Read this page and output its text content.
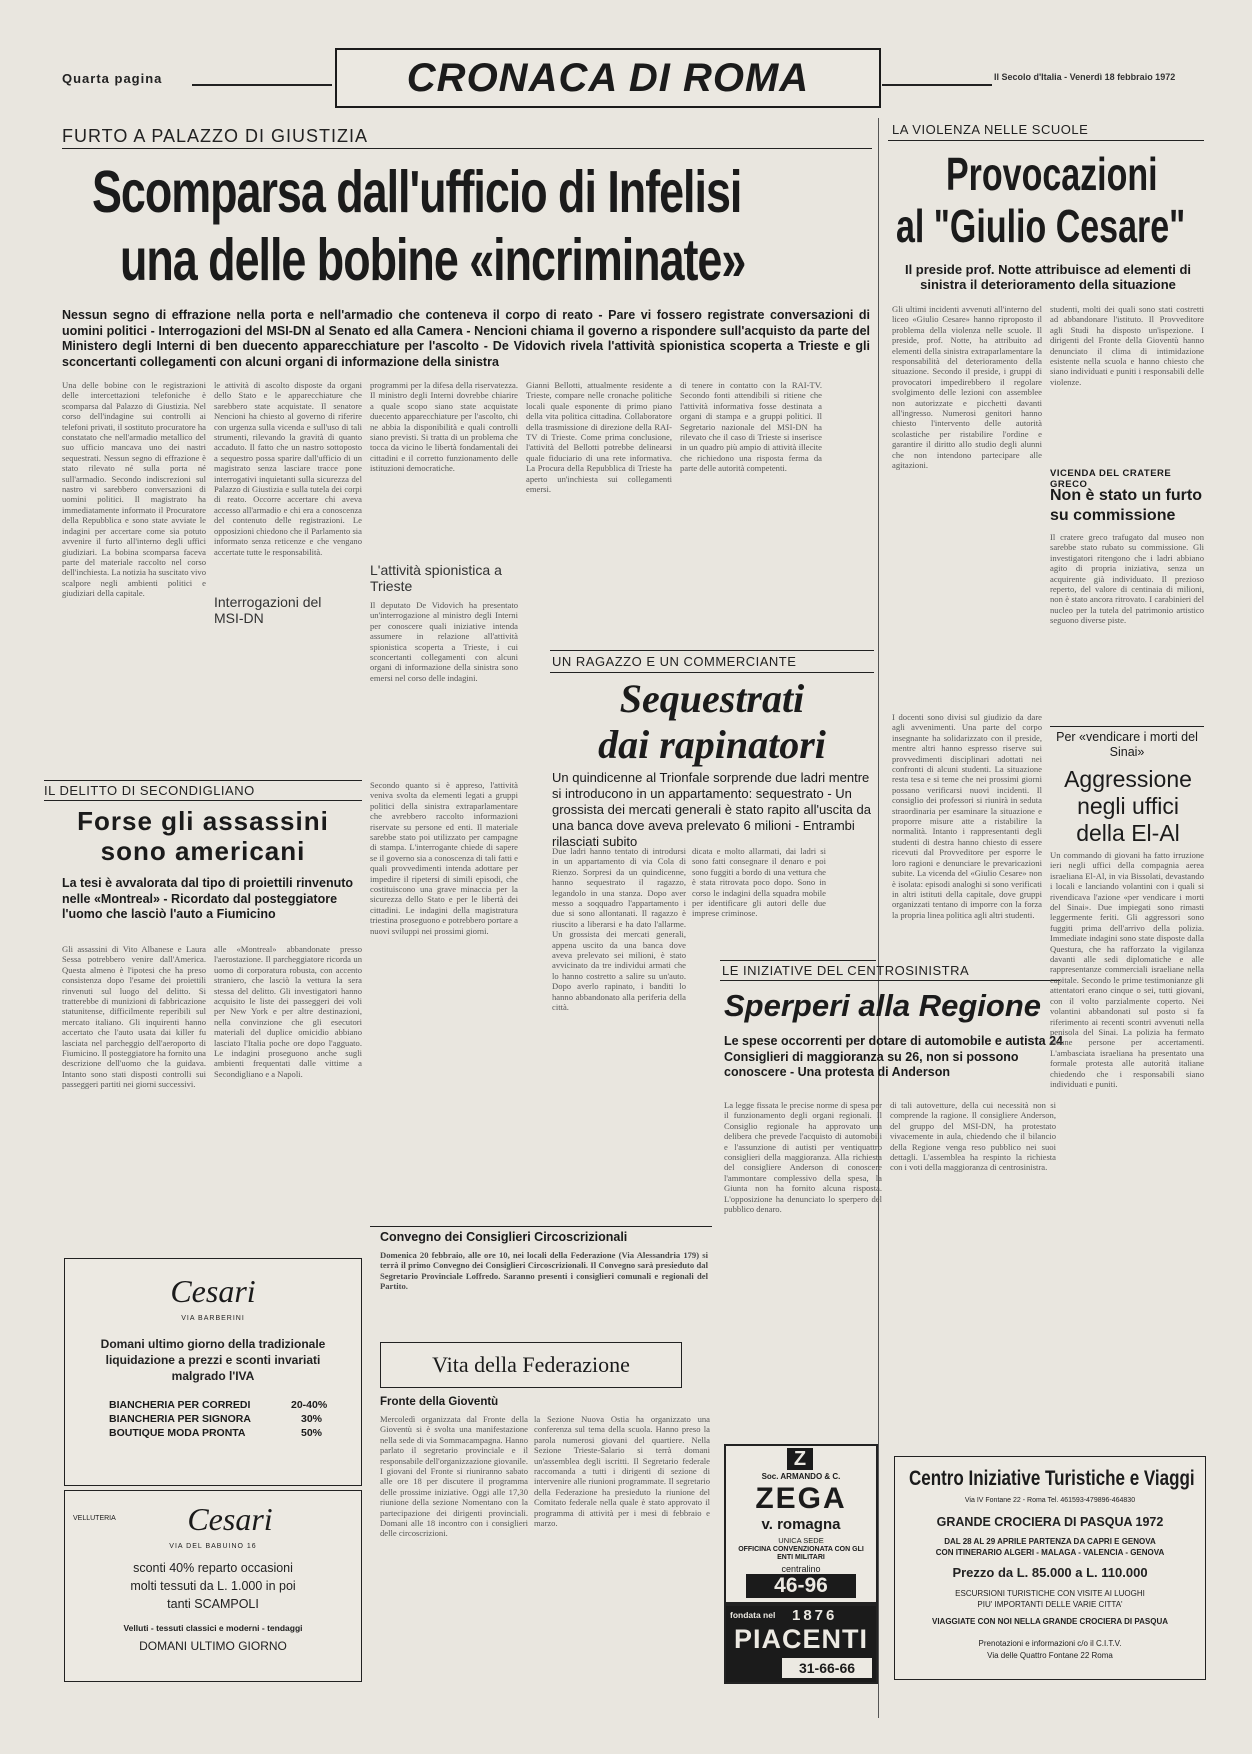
Quarta pagina	CRONACA DI ROMA	Il Secolo d'Italia - Venerdì 18 febbraio 1972
FURTO A PALAZZO DI GIUSTIZIA
Scomparsa dall'ufficio di Infelisi
una delle bobine «incriminate»
Nessun segno di effrazione nella porta e nell'armadio che conteneva il corpo di reato - Pare vi fossero registrate conversazioni di uomini politici - Interrogazioni del MSI-DN al Senato ed alla Camera - Nencioni chiama il governo a rispondere sull'acquisto da parte del Ministero degli Interni di ben duecento apparecchiature per l'ascolto - De Vidovich rivela l'attività spionistica scoperta a Trieste e gli sconcertanti collegamenti con alcuni organi di informazione della sinistra
Una delle bobine con le registrazioni delle intercettazioni telefoniche è scomparsa dal Palazzo di Giustizia. Nel corso dell'indagine sui controlli ai telefoni privati, il sostituto procuratore ha constatato che nell'armadio metallico del suo ufficio mancava uno dei nastri sequestrati. Nessun segno di effrazione è stato rilevato né sulla porta né sull'armadio. Secondo indiscrezioni sul nastro vi sarebbero conversazioni di uomini politici. Il magistrato ha immediatamente informato il Procuratore della Repubblica e sono state avviate le indagini per accertare come sia potuto avvenire il furto all'interno degli uffici giudiziari. La bobina scomparsa faceva parte del materiale raccolto nel corso dell'inchiesta. La notizia ha suscitato vivo scalpore negli ambienti politici e giudiziari della capitale.
le attività di ascolto disposte da organi dello Stato e le apparecchiature che sarebbero state acquistate. Il senatore Nencioni ha chiesto al governo di riferire con urgenza sulla vicenda e sull'uso di tali strumenti, rilevando la gravità di quanto accaduto. Il fatto che un nastro sottoposto a sequestro possa sparire dall'ufficio di un magistrato senza lasciare tracce pone interrogativi inquietanti sulla sicurezza del Palazzo di Giustizia e sulla tutela dei corpi di reato. Occorre accertare chi aveva accesso all'armadio e chi era a conoscenza del contenuto delle registrazioni. Le opposizioni chiedono che il Parlamento sia informato senza reticenze e che vengano accertate tutte le responsabilità.
programmi per la difesa della riservatezza. Il ministro degli Interni dovrebbe chiarire a quale scopo siano state acquistate duecento apparecchiature per l'ascolto, chi ne abbia la disponibilità e quali controlli siano previsti. Si tratta di un problema che tocca da vicino le libertà fondamentali dei cittadini e il corretto funzionamento delle istituzioni democratiche.
Interrogazioni del MSI-DN
L'attività spionistica a Trieste
Il deputato De Vidovich ha presentato un'interrogazione al ministro degli Interni per conoscere quali iniziative intenda assumere in relazione all'attività spionistica scoperta a Trieste, i cui sconcertanti collegamenti con alcuni organi di informazione della sinistra sono emersi nel corso delle indagini.
Secondo quanto si è appreso, l'attività veniva svolta da elementi legati a gruppi politici della sinistra extraparlamentare che avrebbero raccolto informazioni riservate su persone ed enti. Il materiale sarebbe stato poi utilizzato per campagne di stampa. L'interrogante chiede di sapere se il governo sia a conoscenza di tali fatti e quali provvedimenti intenda adottare per impedire il ripetersi di simili episodi, che costituiscono una grave minaccia per la sicurezza dello Stato e per le libertà dei cittadini. Le indagini della magistratura triestina proseguono e potrebbero portare a nuovi sviluppi nei prossimi giorni.
Gianni Bellotti, attualmente residente a Trieste, compare nelle cronache politiche locali quale esponente di primo piano della vita politica cittadina. Collaboratore della trasmissione di direzione della RAI-TV di Trieste. Come prima conclusione, l'attività del Bellotti potrebbe delinearsi quale fiduciario di una rete informativa. La Procura della Repubblica di Trieste ha aperto un'inchiesta sui collegamenti emersi.
di tenere in contatto con la RAI-TV. Secondo fonti attendibili si ritiene che l'attività informativa fosse destinata a organi di stampa e a gruppi politici. Il Segretario nazionale del MSI-DN ha rilevato che il caso di Trieste si inserisce in un quadro più ampio di attività illecite che richiedono una risposta ferma da parte delle autorità competenti.
IL DELITTO DI SECONDIGLIANO
Forse gli assassini sono americani
La tesi è avvalorata dal tipo di proiettili rinvenuto nelle «Montreal» - Ricordato dal posteggiatore l'uomo che lasciò l'auto a Fiumicino
Gli assassini di Vito Albanese e Laura Sessa potrebbero venire dall'America. Questa almeno è l'ipotesi che ha preso consistenza dopo l'esame dei proiettili rinvenuti sul luogo del delitto. Si tratterebbe di munizioni di fabbricazione statunitense, difficilmente reperibili sul mercato italiano. Gli inquirenti hanno accertato che l'auto usata dai killer fu lasciata nel parcheggio dell'aeroporto di Fiumicino. Il posteggiatore ha fornito una descrizione dell'uomo che la guidava. Intanto sono stati disposti controlli sui passeggeri partiti nei giorni successivi.
alle «Montreal» abbandonate presso l'aerostazione. Il parcheggiatore ricorda un uomo di corporatura robusta, con accento straniero, che lasciò la vettura la sera stessa del delitto. Gli investigatori hanno acquisito le liste dei passeggeri dei voli per New York e per altre destinazioni, nella convinzione che gli esecutori materiali del duplice omicidio abbiano lasciato l'Italia poche ore dopo l'agguato. Le indagini proseguono anche sugli ambienti frequentati dalle vittime a Secondigliano e a Napoli.
Cesari
VIA BARBERINI
Domani ultimo giorno della tradizionale
liquidazione a prezzi e sconti invariati
malgrado l'IVA
BIANCHERIA PER CORREDI	20-40%
BIANCHERIA PER SIGNORA	30%
BOUTIQUE MODA PRONTA	50%
VELLUTERIA	Cesari
VIA DEL BABUINO 16
sconti 40% reparto occasioni
molti tessuti da L. 1.000 in poi
tanti SCAMPOLI
Velluti - tessuti classici e moderni - tendaggi
DOMANI ULTIMO GIORNO
Convegno dei Consiglieri Circoscrizionali
Domenica 20 febbraio, alle ore 10, nei locali della Federazione (Via Alessandria 179) si terrà il primo Convegno dei Consiglieri Circoscrizionali. Il Convegno sarà presieduto dal Segretario Provinciale Loffredo. Saranno presenti i consiglieri comunali e regionali del Partito.
Vita della Federazione
Fronte della Gioventù
Mercoledì organizzata dal Fronte della Gioventù si è svolta una manifestazione nella sede di via Sommacampagna. Hanno parlato il segretario provinciale e il responsabile dell'organizzazione giovanile. I giovani del Fronte si riuniranno sabato alle ore 18 per discutere il programma delle prossime iniziative. Oggi alle 17,30 riunione della sezione Nomentano con la partecipazione dei dirigenti provinciali. Domani alle 18 incontro con i consiglieri delle circoscrizioni.
la Sezione Nuova Ostia ha organizzato una conferenza sul tema della scuola. Hanno preso la parola numerosi giovani del quartiere. Nella Sezione Trieste-Salario si terrà domani un'assemblea degli iscritti. Il Segretario federale raccomanda a tutti i dirigenti di sezione di intervenire alle riunioni programmate. Il segretario della Federazione ha presieduto la riunione del Comitato federale nella quale è stato approvato il programma di attività per i mesi di febbraio e marzo.
UN RAGAZZO E UN COMMERCIANTE
Sequestrati
dai rapinatori
Un quindicenne al Trionfale sorprende due ladri mentre si introducono in un appartamento: sequestrato - Un grossista dei mercati generali è stato rapito all'uscita da una banca dove aveva prelevato 6 milioni - Entrambi rilasciati subito
Due ladri hanno tentato di introdursi in un appartamento di via Cola di Rienzo. Sorpresi da un quindicenne, hanno sequestrato il ragazzo, legandolo in una stanza. Dopo aver messo a soqquadro l'appartamento i due si sono allontanati. Il ragazzo è riuscito a liberarsi e ha dato l'allarme. Un grossista dei mercati generali, appena uscito da una banca dove aveva prelevato sei milioni, è stato avvicinato da tre individui armati che lo hanno costretto a salire su un'auto. Dopo averlo rapinato, i banditi lo hanno abbandonato alla periferia della città.
dicata e molto allarmati, dai ladri si sono fatti consegnare il denaro e poi sono fuggiti a bordo di una vettura che è stata ritrovata poco dopo. Sono in corso le indagini della squadra mobile per identificare gli autori delle due imprese criminose.
LE INIZIATIVE DEL CENTROSINISTRA
Sperperi alla Regione
Le spese occorrenti per dotare di automobile e autista 24 Consiglieri di maggioranza su 26, non si possono conoscere - Una protesta di Anderson
La legge fissata le precise norme di spesa per il funzionamento degli organi regionali. Il Consiglio regionale ha approvato una delibera che prevede l'acquisto di automobili e l'assunzione di autisti per ventiquattro consiglieri della maggioranza. Alla richiesta del consigliere Anderson di conoscere l'ammontare complessivo della spesa, la Giunta non ha fornito alcuna risposta. L'opposizione ha denunciato lo sperpero del pubblico denaro.
di tali autovetture, della cui necessità non si comprende la ragione. Il consigliere Anderson, del gruppo del MSI-DN, ha protestato vivacemente in aula, chiedendo che il bilancio della Regione venga reso pubblico nei suoi dettagli. L'assemblea ha respinto la richiesta con i voti della maggioranza di centrosinistra.
Z
Soc. ARMANDO & C.
ZEGA
v. romagna
UNICA SEDE
OFFICINA CONVENZIONATA CON GLI ENTI MILITARI
centralino
46-96
fondata nel 1876
PIACENTI
31-66-66
LA VIOLENZA NELLE SCUOLE
Provocazioni
al "Giulio Cesare"
Il preside prof. Notte attribuisce ad elementi di sinistra il deterioramento della situazione
Gli ultimi incidenti avvenuti all'interno del liceo «Giulio Cesare» hanno riproposto il problema della violenza nelle scuole. Il preside, prof. Notte, ha attribuito ad elementi della sinistra extraparlamentare la responsabilità del deterioramento della situazione. Secondo il preside, i gruppi di provocatori impedirebbero il regolare svolgimento delle lezioni con assemblee non autorizzate e picchetti davanti all'ingresso. Numerosi genitori hanno chiesto l'intervento delle autorità scolastiche per ristabilire l'ordine e garantire il diritto allo studio degli alunni che non intendono partecipare alle agitazioni.
studenti, molti dei quali sono stati costretti ad abbandonare l'istituto. Il Provveditore agli Studi ha disposto un'ispezione. I dirigenti del Fronte della Gioventù hanno denunciato il clima di intimidazione esistente nella scuola e hanno chiesto che siano individuati e puniti i responsabili delle violenze.
VICENDA DEL CRATERE GRECO
Non è stato un furto su commissione
Il cratere greco trafugato dal museo non sarebbe stato rubato su commissione. Gli investigatori ritengono che i ladri abbiano agito di propria iniziativa, senza un acquirente già individuato. Il prezioso reperto, del valore di centinaia di milioni, non è stato ancora ritrovato. I carabinieri del nucleo per la tutela del patrimonio artistico seguono diverse piste.
Per «vendicare i morti del Sinai»
Aggressione negli uffici della El-Al
Un commando di giovani ha fatto irruzione ieri negli uffici della compagnia aerea israeliana El-Al, in via Bissolati, devastando i locali e lanciando volantini con i quali si rivendicava l'azione «per vendicare i morti del Sinai». Due impiegati sono rimasti leggermente feriti. Gli aggressori sono fuggiti prima dell'arrivo della polizia. Immediate indagini sono state disposte dalla Questura, che ha rafforzato la vigilanza davanti alle sedi diplomatiche e alle rappresentanze commerciali israeliane nella capitale. Secondo le prime testimonianze gli attentatori erano cinque o sei, tutti giovani, con il volto parzialmente coperto. Nei volantini abbandonati sul posto si fa riferimento ai recenti scontri avvenuti nella penisola del Sinai. La polizia ha fermato alcune persone per accertamenti. L'ambasciata israeliana ha presentato una formale protesta alle autorità italiane chiedendo che i responsabili siano individuati e puniti.
I docenti sono divisi sul giudizio da dare agli avvenimenti. Una parte del corpo insegnante ha solidarizzato con il preside, mentre altri hanno espresso riserve sui provvedimenti disciplinari adottati nei confronti di alcuni studenti. La situazione resta tesa e si teme che nei prossimi giorni possano verificarsi nuovi incidenti. Il consiglio dei professori si riunirà in seduta straordinaria per esaminare la situazione e proporre misure atte a ristabilire la normalità. Intanto i rappresentanti degli studenti di destra hanno chiesto di essere ricevuti dal Provveditore per esporre le loro ragioni e denunciare le prevaricazioni subite. La vicenda del «Giulio Cesare» non è isolata: episodi analoghi si sono verificati in altri istituti della capitale, dove gruppi organizzati tentano di imporre con la forza la propria linea politica agli altri studenti.
Centro Iniziative Turistiche e Viaggi
Via IV Fontane 22 - Roma Tel. 461593-479896-464830
GRANDE CROCIERA DI PASQUA 1972
DAL 28 AL 29 APRILE PARTENZA DA CAPRI E GENOVA
CON ITINERARIO ALGERI - MALAGA - VALENCIA - GENOVA
Prezzo da L. 85.000 a L. 110.000
ESCURSIONI TURISTICHE CON VISITE AI LUOGHI
PIU' IMPORTANTI DELLE VARIE CITTA'
VIAGGIATE CON NOI NELLA GRANDE CROCIERA DI PASQUA
Prenotazioni e informazioni c/o il C.I.T.V.
Via delle Quattro Fontane 22 Roma
